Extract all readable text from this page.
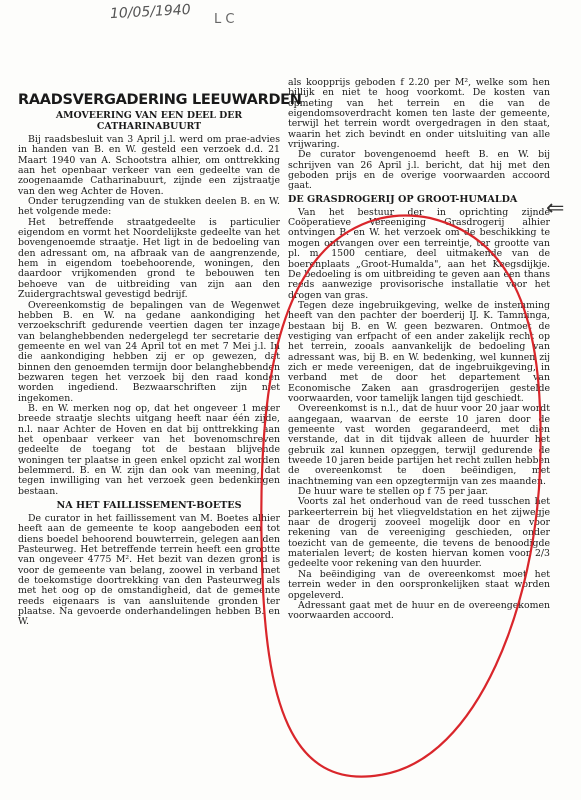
10/05/1940 L C
RAADSVERGADERING LEEUWARDEN
AMOVEERING VAN EEN DEEL DER CATHARINABUURT

Bij raadsbesluit van 3 April j.l. werd om prae-advies in handen van B. en W. gesteld een verzoek d.d. 21 Maart 1940 van A. Schootstra alhier, om onttrekking aan het openbaar verkeer van een gedeelte van de zoogenaamde Catharinabuurt, zijnde een zijstraatje van den weg Achter de Hoven.

Onder terugzending van de stukken deelen B. en W. het volgende mede:

Het betreffende straatgedeelte is particulier eigendom en vormt het Noordelijkste gedeelte van het bovengenoemde straatje. Het ligt in de bedoeling van den adressant om, na afbraak van de aangrenzende, hem in eigendom toebehoorende, woningen, den daardoor vrijkomenden grond te bebouwen ten behoeve van de uitbreiding van zijn aan den Zuidergrachtswal gevestigd bedrijf.

Overeenkomstig de bepalingen van de Wegenwet hebben B. en W. na gedane aankondiging het verzoekschrift gedurende veertien dagen ter inzage van belanghebbenden nedergelegd ter secretarie der gemeente en wel van 24 April tot en met 7 Mei j.l. In die aankondiging hebben zij er op gewezen, dat binnen den genoemden termijn door belanghebbenden bezwaren tegen het verzoek bij den raad konden worden ingediend. Bezwaarschriften zijn niet ingekomen.

B. en W. merken nog op, dat het ongeveer 1 meter breede straatje slechts uitgang heeft naar één zijde, n.l. naar Achter de Hoven en dat bij onttrekking aan het openbaar verkeer van het bovenomschreven gedeelte de toegang tot de bestaan blijvende woningen ter plaatse in geen enkel opzicht zal worden belemmerd. B. en W. zijn dan ook van meening, dat tegen inwilliging van het verzoek geen bedenkingen bestaan.

NA HET FAILLISSEMENT-BOETES

De curator in het faillissement van M. Boetes alhier heeft aan de gemeente te koop aangeboden een tot diens boedel behoorend bouwterrein, gelegen aan den Pasteurweg. Het betreffende terrein heeft een grootte van ongeveer 4775 M². Het bezit van dezen grond is voor de gemeente van belang, zoowel in verband met de toekomstige doortrekking van den Pasteurweg als met het oog op de omstandigheid, dat de gemeente reeds eigenaars is van aansluitende gronden ter plaatse. Na gevoerde onderhandelingen hebben B. en W.

als koopprijs geboden f 2.20 per M², welke som hen billijk en niet te hoog voorkomt. De kosten van opmeting van het terrein en die van de eigendomsoverdracht komen ten laste der gemeente, terwijl het terrein wordt overgedragen in den staat, waarin het zich bevindt en onder uitsluiting van alle vrijwaring.

De curator bovengenoemd heeft B. en W. bij schrijven van 26 April j.l. bericht, dat hij met den geboden prijs en de overige voorwaarden accoord gaat.

DE GRASDROGERIJ OP GROOT-HUMALDA

Van het bestuur der in oprichting zijnde Coöperatieve Vereeniging Grasdrogerij alhier ontvingen B. en W. het verzoek om de beschikking te mogen ontvangen over een terreintje, ter grootte van pl. m. 1500 centiare, deel uitmakende van de boerenplaats „Groot-Humalda", aan het Keegsdijkje. De bedoeling is om uitbreiding te geven aan een thans reeds aanwezige provisorische installatie voor het drogen van gras.

Tegen deze ingebruikgeving, welke de instemming heeft van den pachter der boerderij IJ. K. Tamminga, bestaan bij B. en W. geen bezwaren. Ontmoet de vestiging van erfpacht of een ander zakelijk recht op het terrein, zooals aanvankelijk de bedoeling van adressant was, bij B. en W. bedenking, wel kunnen zij zich er mede vereenigen, dat de ingebruikgeving, in verband met de door het departement van Economische Zaken aan grasdrogerijen gestelde voorwaarden, voor tamelijk langen tijd geschiedt.

Overeenkomst is n.l., dat de huur voor 20 jaar wordt aangegaan, waarvan de eerste 10 jaren door de gemeente vast worden gegarandeerd, met dien verstande, dat in dit tijdvak alleen de huurder het gebruik zal kunnen opzeggen, terwijl gedurende de tweede 10 jaren beide partijen het recht zullen hebben de overeenkomst te doen beëindigen, met inachtneming van een opzegtermijn van zes maanden.

De huur ware te stellen op f 75 per jaar.

Voorts zal het onderhoud van de reed tusschen het parkeerterrein bij het vliegveldstation en het zijwegje naar de drogerij zooveel mogelijk door en voor rekening van de vereeniging geschieden, onder toezicht van de gemeente, die tevens de benoodigde materialen levert; de kosten hiervan komen voor 2/3 gedeelte voor rekening van den huurder.

Na beëindiging van de overeenkomst moet het terrein weder in den oorspronkelijken staat worden opgeleverd.

Adressant gaat met de huur en de overeengekomen voorwaarden accoord.

⇐
